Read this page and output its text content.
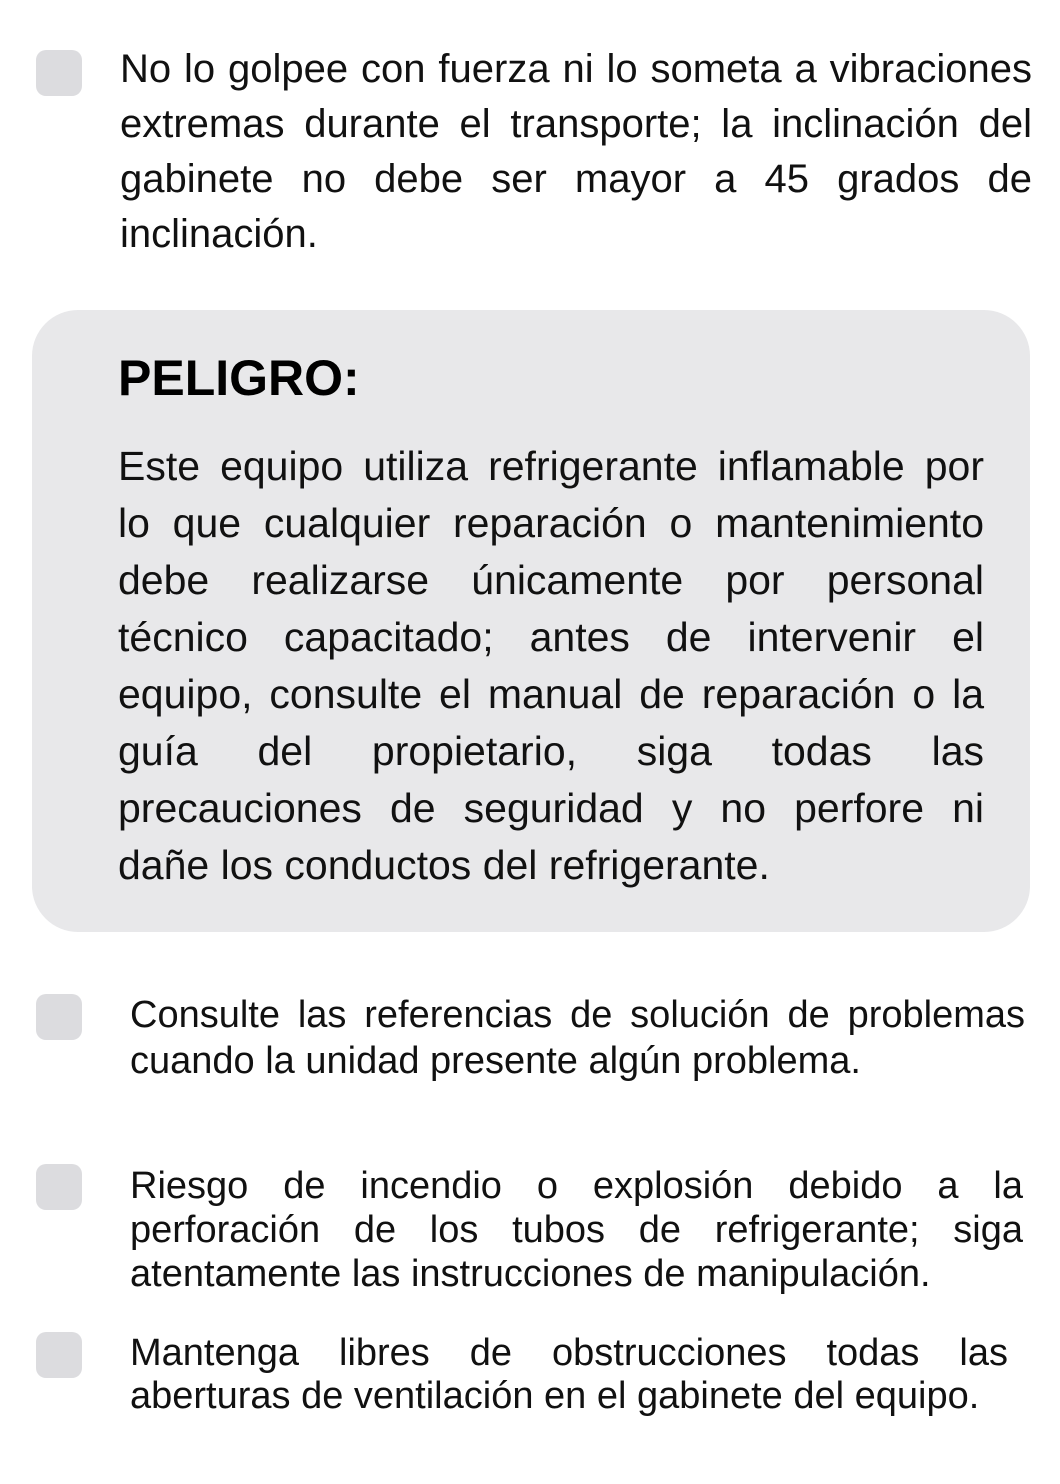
No lo golpee con fuerza ni lo someta a vibraciones extremas durante el transporte; la inclinación del gabinete no debe ser mayor a 45 grados de inclinación.

PELIGRO:

Este equipo utiliza refrigerante inflamable por lo que cualquier reparación o mantenimiento debe realizarse únicamente por personal técnico capacitado; antes de intervenir el equipo, consulte el manual de reparación o la guía del propietario, siga todas las precauciones de seguridad y no perfore ni dañe los conductos del refrigerante.

Consulte las referencias de solución de problemas cuando la unidad presente algún problema.

Riesgo de incendio o explosión debido a la perforación de los tubos de refrigerante; siga atentamente las instrucciones de manipulación.

Mantenga libres de obstrucciones todas las aberturas de ventilación en el gabinete del equipo.
